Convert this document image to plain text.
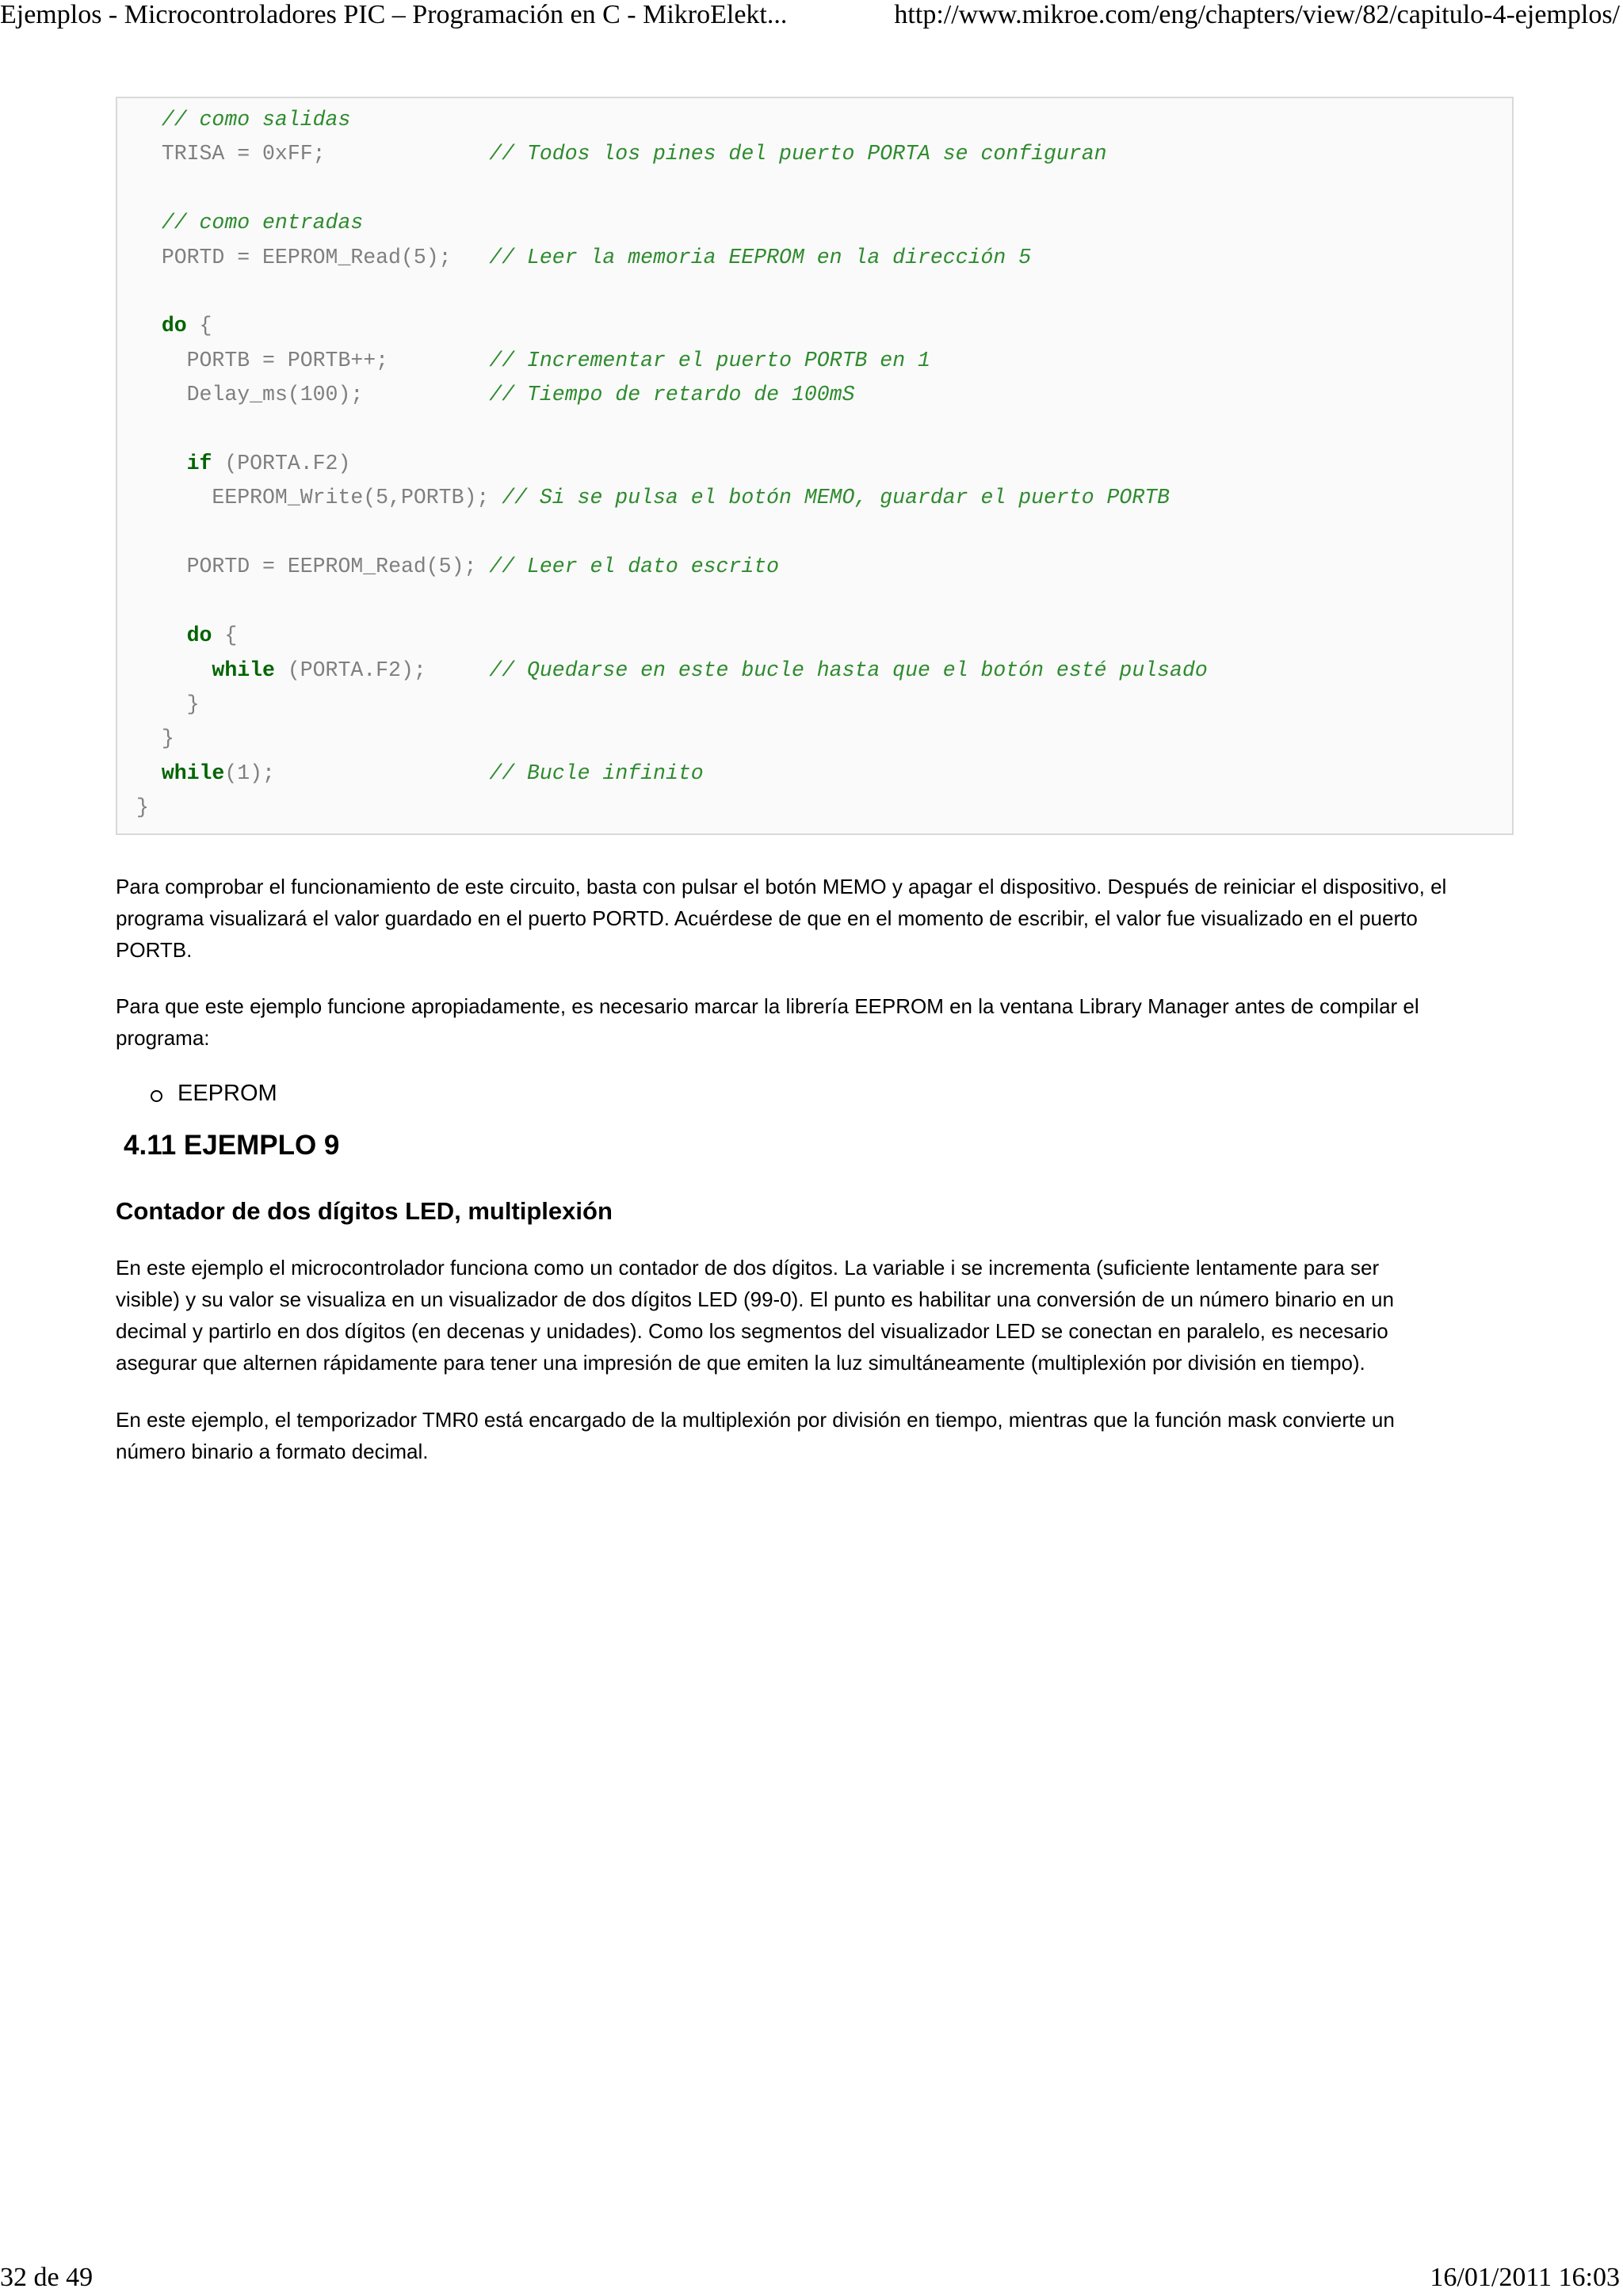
Ejemplos - Microcontroladores PIC – Programación en C - MikroElekt...	http://www.mikroe.com/eng/chapters/view/82/capitulo-4-ejemplos/
// como salidas
TRISA = 0xFF;	// Todos los pines del puerto PORTA se configuran

// como entradas
PORTD = EEPROM_Read(5); // Leer la memoria EEPROM en la dirección 5

do {
PORTB = PORTB++;	// Incrementar el puerto PORTB en 1
Delay_ms(100);	// Tiempo de retardo de 100mS

if (PORTA.F2)
EEPROM_Write(5,PORTB); // Si se pulsa el botón MEMO, guardar el puerto PORTB

PORTD = EEPROM_Read(5); // Leer el dato escrito

do {
while (PORTA.F2);	// Quedarse en este bucle hasta que el botón esté pulsado
}
}
while(1);	// Bucle infinito
}

Para comprobar el funcionamiento de este circuito, basta con pulsar el botón MEMO y apagar el dispositivo. Después de reiniciar el dispositivo, el programa visualizará el valor guardado en el puerto PORTD. Acuérdese de que en el momento de escribir, el valor fue visualizado en el puerto PORTB.

Para que este ejemplo funcione apropiadamente, es necesario marcar la librería EEPROM en la ventana Library Manager antes de compilar el programa:

EEPROM
4.11 EJEMPLO 9
Contador de dos dígitos LED, multiplexión

En este ejemplo el microcontrolador funciona como un contador de dos dígitos. La variable i se incrementa (suficiente lentamente para ser visible) y su valor se visualiza en un visualizador de dos dígitos LED (99-0). El punto es habilitar una conversión de un número binario en un decimal y partirlo en dos dígitos (en decenas y unidades). Como los segmentos del visualizador LED se conectan en paralelo, es necesario asegurar que alternen rápidamente para tener una impresión de que emiten la luz simultáneamente (multiplexión por división en tiempo).

En este ejemplo, el temporizador TMR0 está encargado de la multiplexión por división en tiempo, mientras que la función mask convierte un número binario a formato decimal.

32 de 49	16/01/2011 16:03
